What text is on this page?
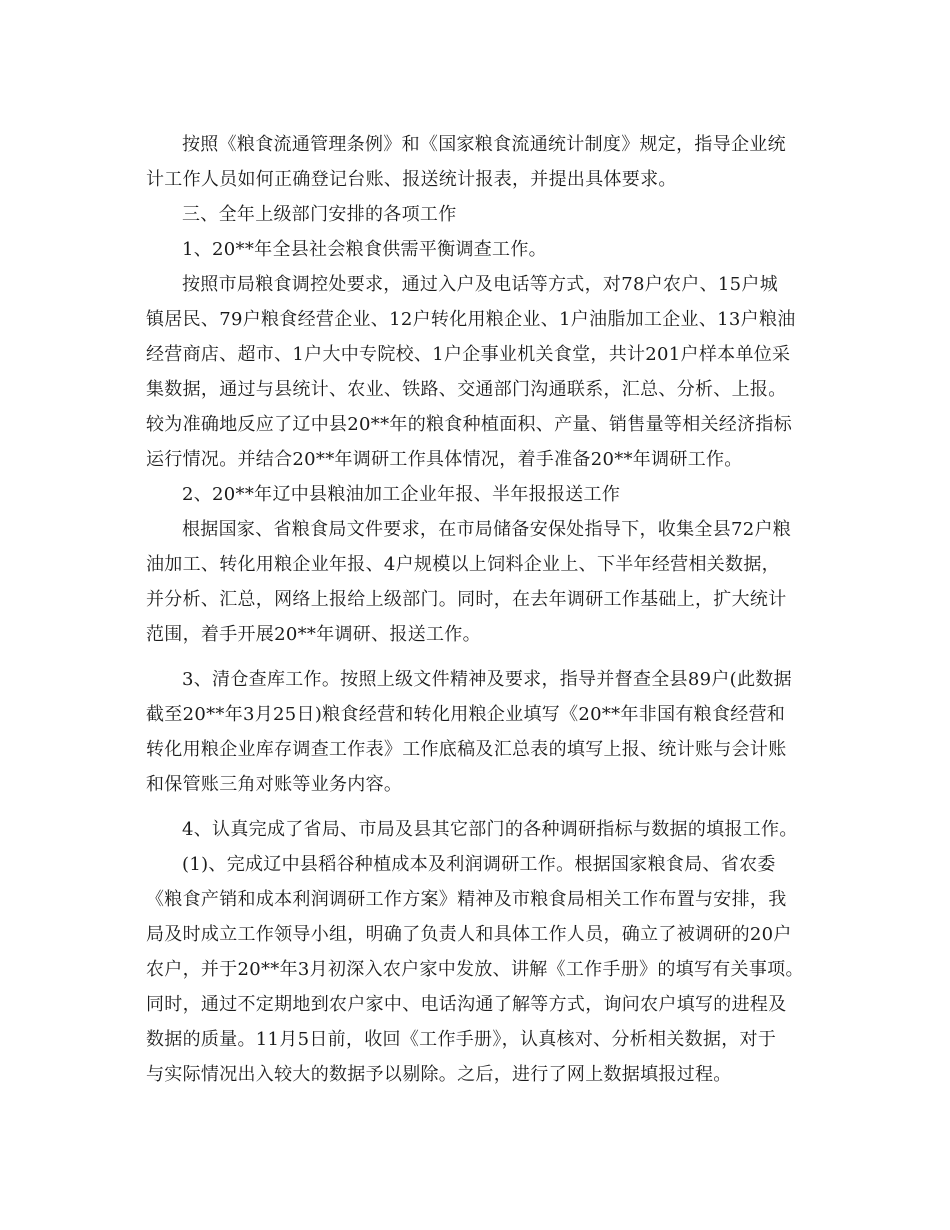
按照《粮食流通管理条例》和《国家粮食流通统计制度》规定，指导企业统
计工作人员如何正确登记台账、报送统计报表，并提出具体要求。
三、全年上级部门安排的各项工作
1、20**年全县社会粮食供需平衡调查工作。
按照市局粮食调控处要求，通过入户及电话等方式，对78户农户、15户城
镇居民、79户粮食经营企业、12户转化用粮企业、1户油脂加工企业、13户粮油
经营商店、超市、1户大中专院校、1户企事业机关食堂，共计201户样本单位采
集数据，通过与县统计、农业、铁路、交通部门沟通联系，汇总、分析、上报。
较为准确地反应了辽中县20**年的粮食种植面积、产量、销售量等相关经济指标
运行情况。并结合20**年调研工作具体情况，着手准备20**年调研工作。
2、20**年辽中县粮油加工企业年报、半年报报送工作
根据国家、省粮食局文件要求，在市局储备安保处指导下，收集全县72户粮
油加工、转化用粮企业年报、4户规模以上饲料企业上、下半年经营相关数据，
并分析、汇总，网络上报给上级部门。同时，在去年调研工作基础上，扩大统计
范围，着手开展20**年调研、报送工作。
3、清仓查库工作。按照上级文件精神及要求，指导并督查全县89户(此数据
截至20**年3月25日)粮食经营和转化用粮企业填写《20**年非国有粮食经营和
转化用粮企业库存调查工作表》工作底稿及汇总表的填写上报、统计账与会计账
和保管账三角对账等业务内容。
4、认真完成了省局、市局及县其它部门的各种调研指标与数据的填报工作。
(1)、完成辽中县稻谷种植成本及利润调研工作。根据国家粮食局、省农委
《粮食产销和成本利润调研工作方案》精神及市粮食局相关工作布置与安排，我
局及时成立工作领导小组，明确了负责人和具体工作人员，确立了被调研的20户
农户，并于20**年3月初深入农户家中发放、讲解《工作手册》的填写有关事项。
同时，通过不定期地到农户家中、电话沟通了解等方式，询问农户填写的进程及
数据的质量。11月5日前，收回《工作手册》，认真核对、分析相关数据，对于
与实际情况出入较大的数据予以剔除。之后，进行了网上数据填报过程。
